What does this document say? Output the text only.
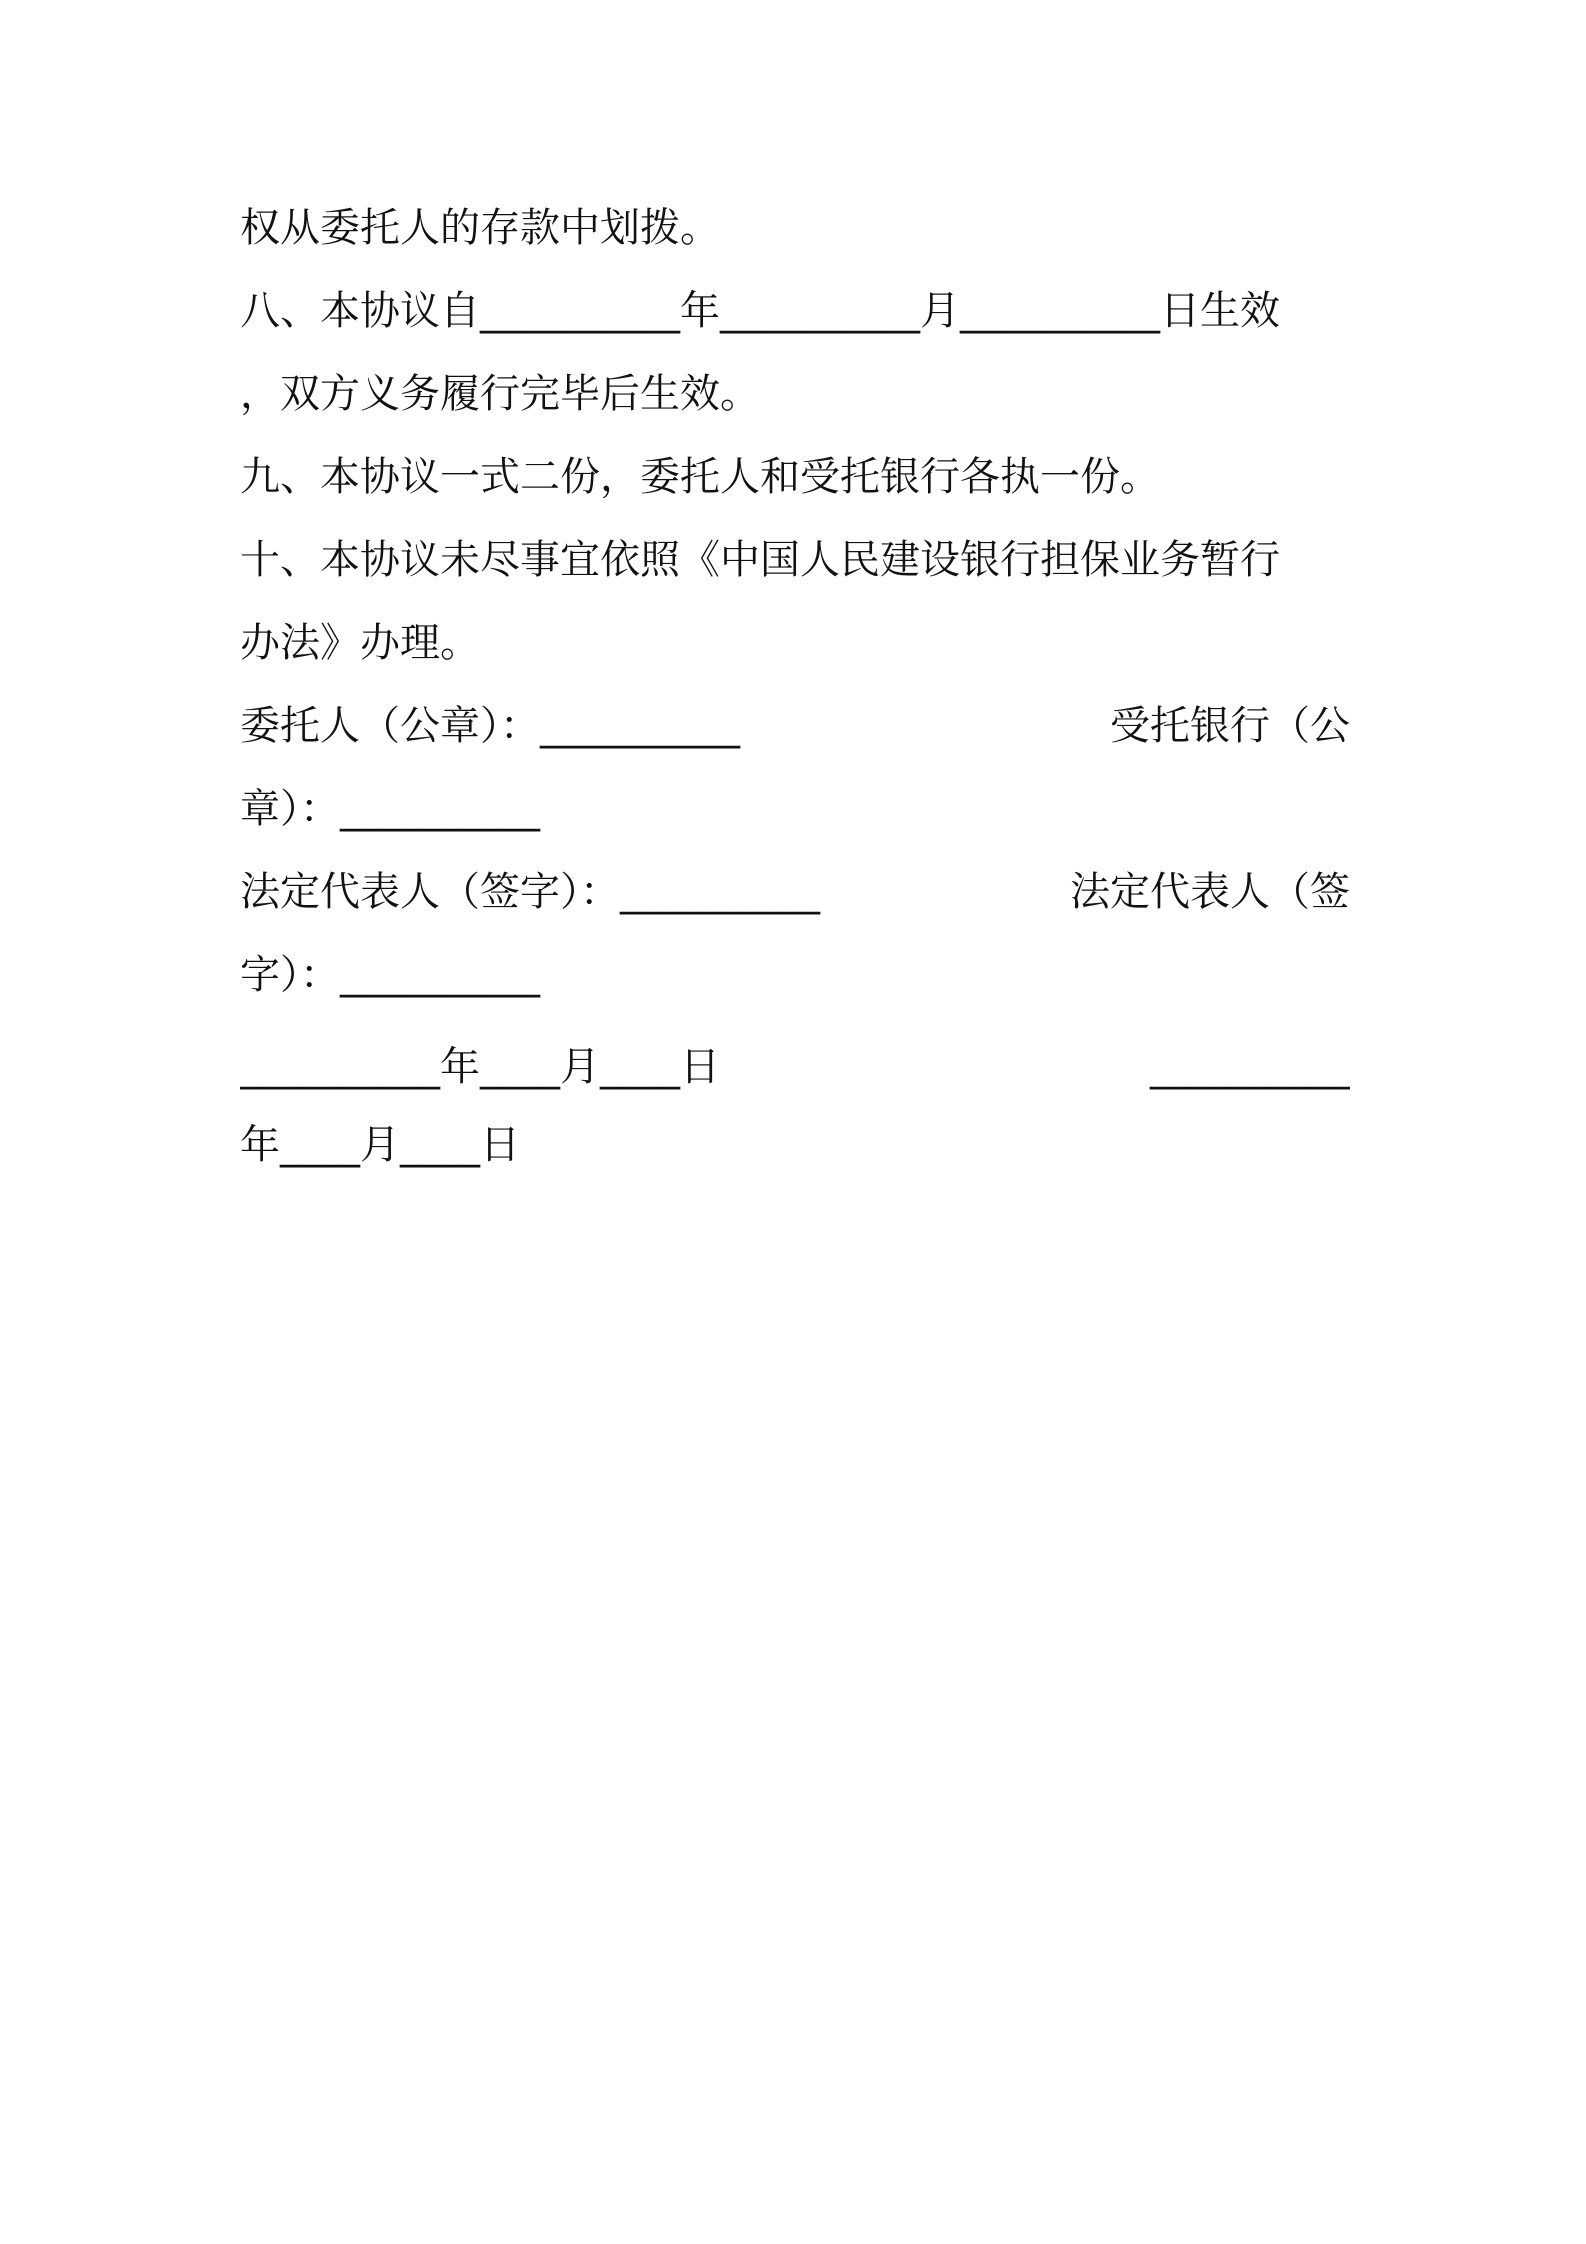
权从委托人的存款中划拨。
八、本协议自__________年__________月__________日生效
，双方义务履行完毕后生效。
九、本协议一式二份，委托人和受托银行各执一份。
十、本协议未尽事宜依照《中国人民建设银行担保业务暂行
办法》办理。
委托人（公章）：__________	受托银行（公
章）：__________
法定代表人（签字）：__________	法定代表人（签
字）：__________
__________年____月____日	__________
年____月____日
